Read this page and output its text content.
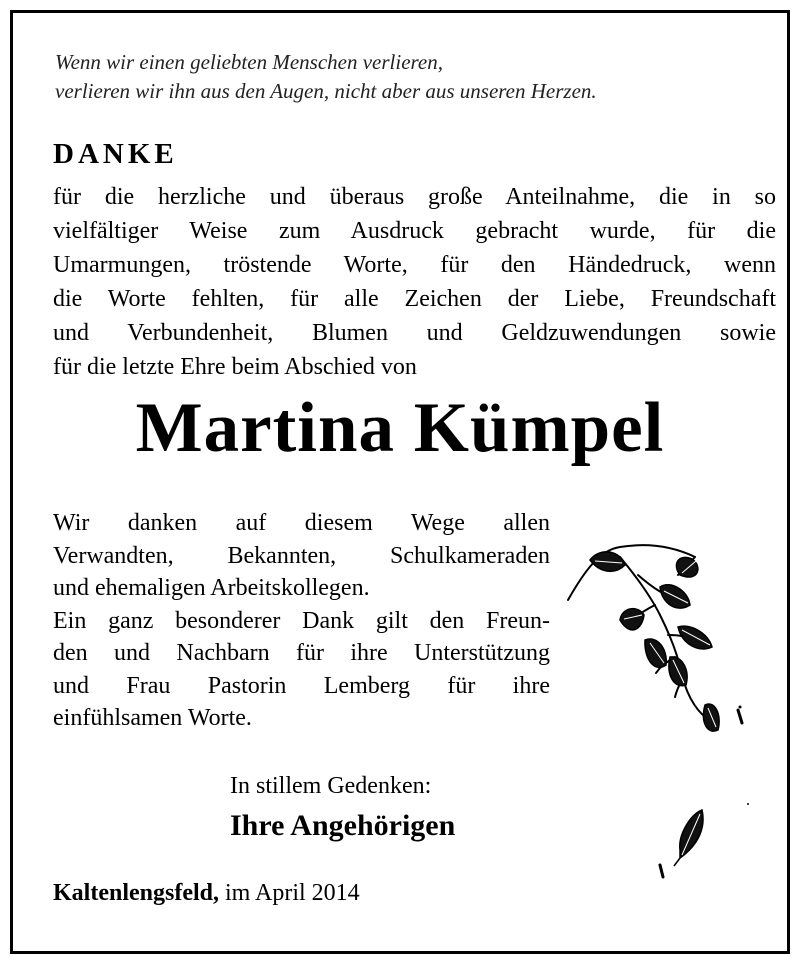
Wenn wir einen geliebten Menschen verlieren,
verlieren wir ihn aus den Augen, nicht aber aus unseren Herzen.
DANKE
für die herzliche und überaus große Anteilnahme, die in so
vielfältiger Weise zum Ausdruck gebracht wurde, für die
Umarmungen, tröstende Worte, für den Händedruck, wenn
die Worte fehlten, für alle Zeichen der Liebe, Freundschaft
und Verbundenheit, Blumen und Geldzuwendungen sowie
für die letzte Ehre beim Abschied von
Martina Kümpel
Wir danken auf diesem Wege allen
Verwandten, Bekannten, Schulkameraden
und ehemaligen Arbeitskollegen.
Ein ganz besonderer Dank gilt den Freun-
den und Nachbarn für ihre Unterstützung
und Frau Pastorin Lemberg für ihre
einfühlsamen Worte.
In stillem Gedenken:
Ihre Angehörigen
Kaltenlengsfeld, im April 2014
